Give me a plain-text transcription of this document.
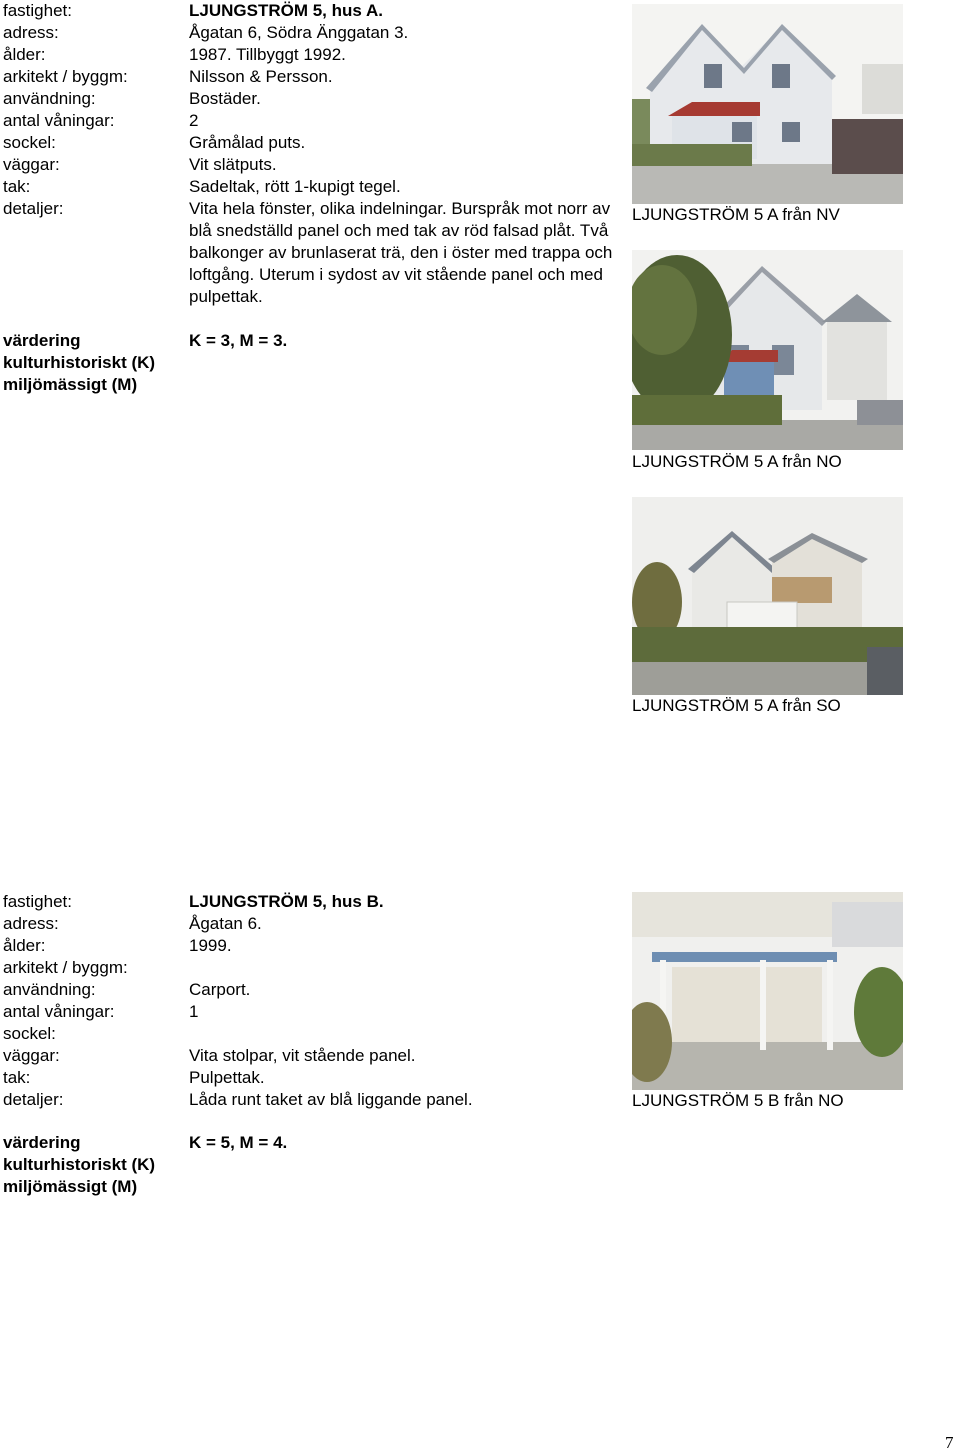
fastighet:	LJUNGSTRÖM 5, hus A.
adress:	Ågatan 6, Södra Änggatan 3.
ålder:	1987. Tillbyggt 1992.
arkitekt / byggm:	Nilsson & Persson.
användning:	Bostäder.
antal våningar:	2
sockel:	Gråmålad puts.
väggar:	Vit slätputs.
tak:	Sadeltak, rött 1-kupigt tegel.
detaljer:	Vita hela fönster, olika indelningar. Burspråk mot norr av blå snedställd panel och med tak av röd falsad plåt. Två balkonger av brunlaserat trä, den i öster med trappa och loftgång. Uterum i sydost av vit stående panel och med pulpettak.
värdering
kulturhistoriskt (K)
miljömässigt (M)
K = 3, M = 3.
LJUNGSTRÖM 5 A från NV
LJUNGSTRÖM 5 A från NO
LJUNGSTRÖM 5 A från SO
fastighet:	LJUNGSTRÖM 5, hus B.
adress:	Ågatan 6.
ålder:	1999.
arkitekt / byggm:
användning:	Carport.
antal våningar:	1
sockel:
väggar:	Vita stolpar, vit stående panel.
tak:	Pulpettak.
detaljer:	Låda runt taket av blå liggande panel.
värdering
kulturhistoriskt (K)
miljömässigt (M)
K = 5, M = 4.
LJUNGSTRÖM 5 B från NO
7
